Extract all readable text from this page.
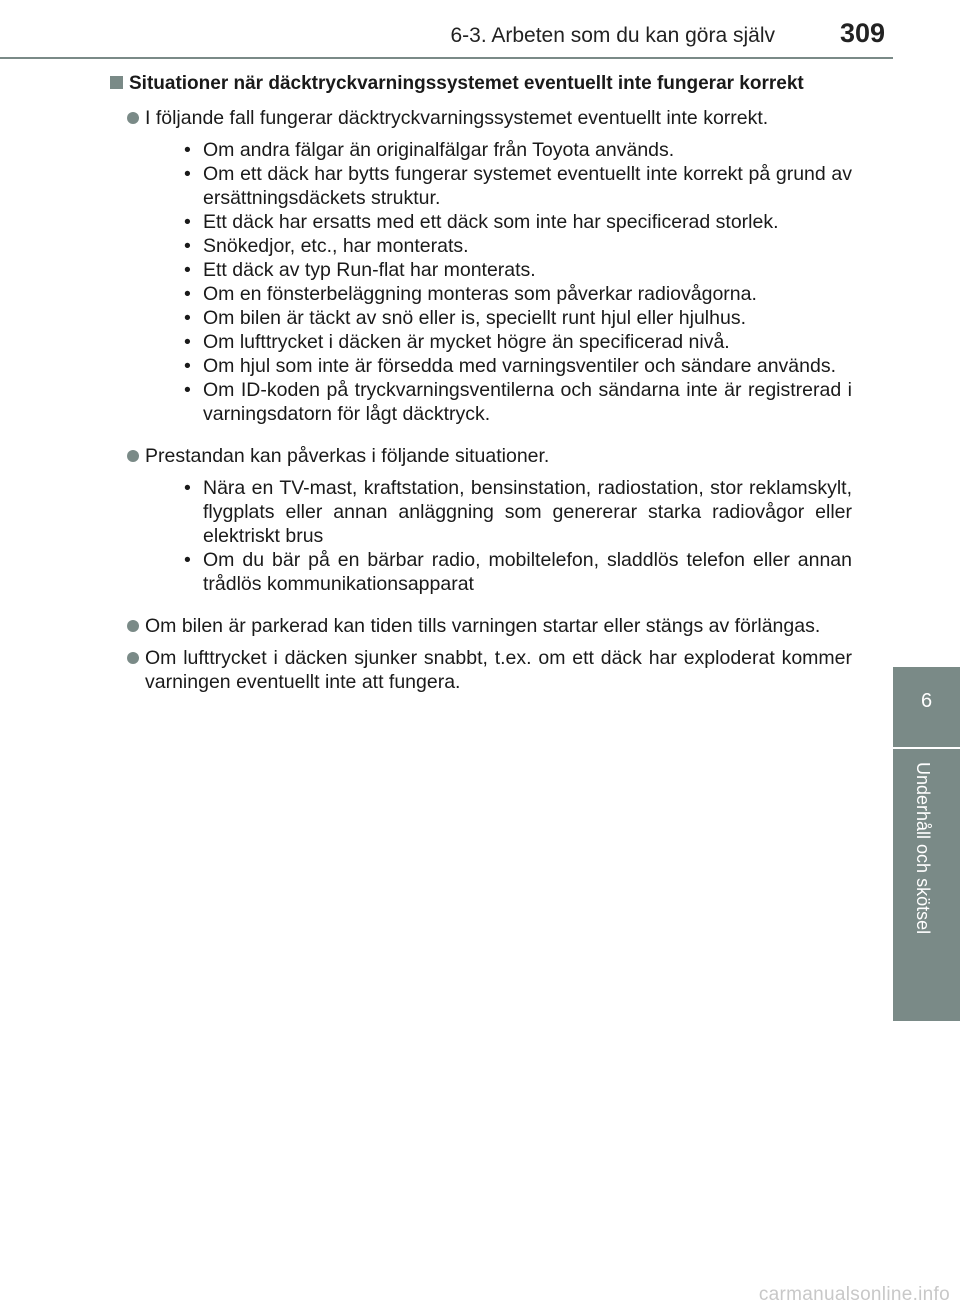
6-3. Arbeten som du kan göra själv 309
6
Underhåll och skötsel
Situationer när däcktryckvarningssystemet eventuellt inte fungerar korrekt
I följande fall fungerar däcktryckvarningssystemet eventuellt inte korrekt.
• Om andra fälgar än originalfälgar från Toyota används.
• Om ett däck har bytts fungerar systemet eventuellt inte korrekt på grund av ersättningsdäckets struktur.
• Ett däck har ersatts med ett däck som inte har specificerad storlek.
• Snökedjor, etc., har monterats.
• Ett däck av typ Run-flat har monterats.
• Om en fönsterbeläggning monteras som påverkar radiovågorna.
• Om bilen är täckt av snö eller is, speciellt runt hjul eller hjulhus.
• Om lufttrycket i däcken är mycket högre än specificerad nivå.
• Om hjul som inte är försedda med varningsventiler och sändare används.
• Om ID-koden på tryckvarningsventilerna och sändarna inte är registrerad i varningsdatorn för lågt däcktryck.
Prestandan kan påverkas i följande situationer.
• Nära en TV-mast, kraftstation, bensinstation, radiostation, stor reklamskylt, flygplats eller annan anläggning som genererar starka radiovågor eller elektriskt brus
• Om du bär på en bärbar radio, mobiltelefon, sladdlös telefon eller annan trådlös kommunikationsapparat
Om bilen är parkerad kan tiden tills varningen startar eller stängs av förlängas.
Om lufttrycket i däcken sjunker snabbt, t.ex. om ett däck har exploderat kommer varningen eventuellt inte att fungera.
carmanualsonline.info
